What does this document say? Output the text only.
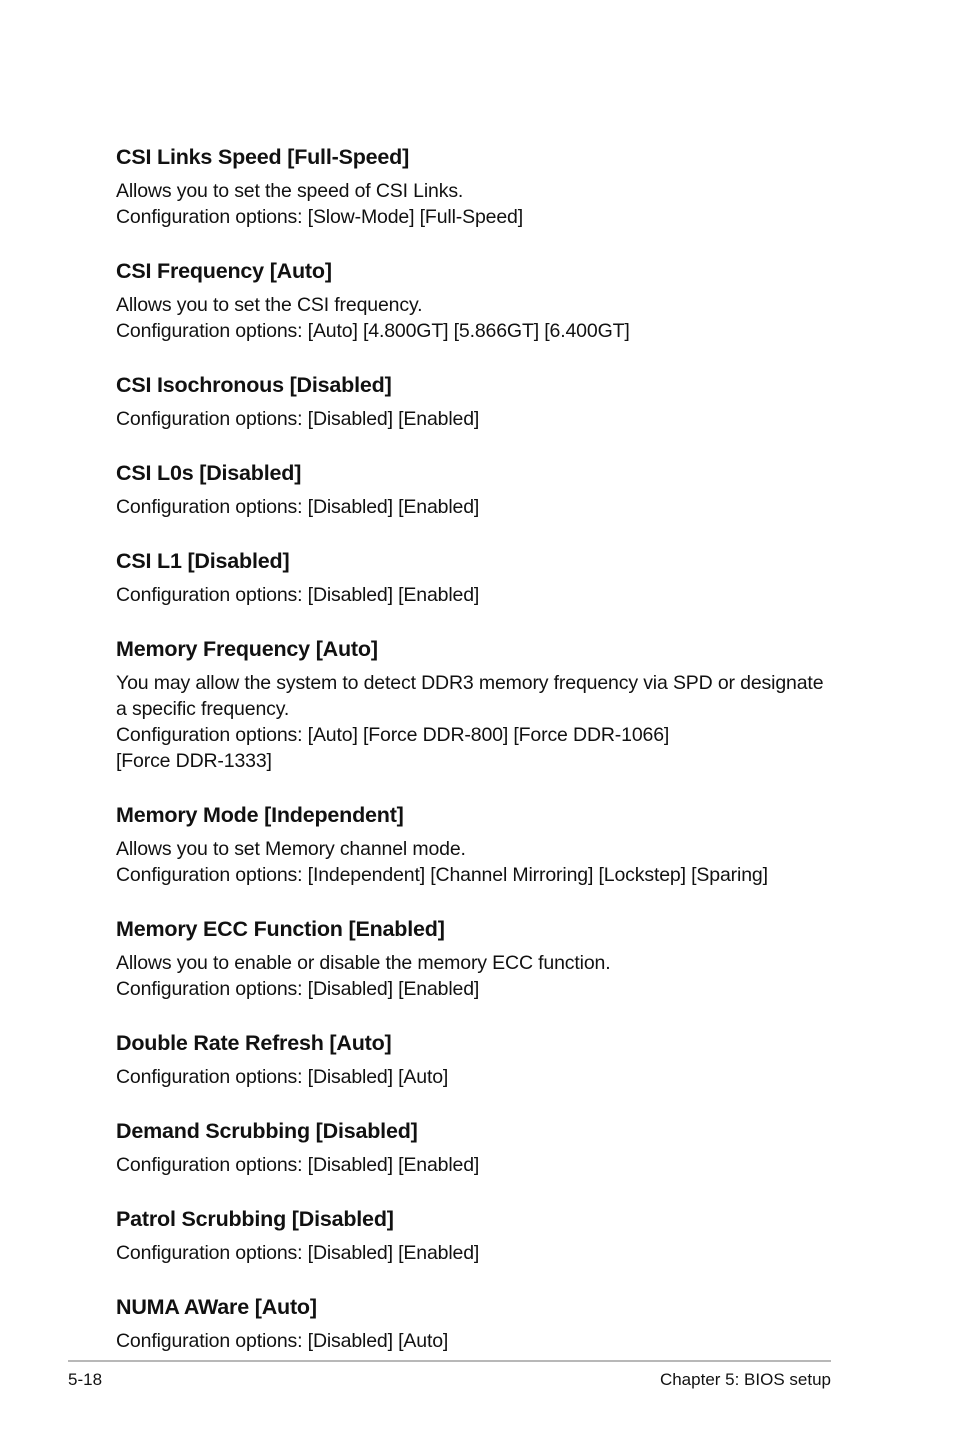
CSI Links Speed [Full-Speed]
Allows you to set the speed of CSI Links.
Configuration options: [Slow-Mode] [Full-Speed]
CSI Frequency [Auto]
Allows you to set the CSI frequency.
Configuration options: [Auto] [4.800GT] [5.866GT] [6.400GT]
CSI Isochronous [Disabled]
Configuration options: [Disabled] [Enabled]
CSI L0s [Disabled]
Configuration options: [Disabled] [Enabled]
CSI L1 [Disabled]
Configuration options: [Disabled] [Enabled]
Memory Frequency [Auto]
You may allow the system to detect DDR3 memory frequency via SPD or designate
a specific frequency.
Configuration options: [Auto] [Force DDR-800] [Force DDR-1066]
[Force DDR-1333]
Memory Mode [Independent]
Allows you to set Memory channel mode.
Configuration options: [Independent] [Channel Mirroring] [Lockstep] [Sparing]
Memory ECC Function [Enabled]
Allows you to enable or disable the memory ECC function.
Configuration options: [Disabled] [Enabled]
Double Rate Refresh [Auto]
Configuration options: [Disabled] [Auto]
Demand Scrubbing [Disabled]
Configuration options: [Disabled] [Enabled]
Patrol Scrubbing [Disabled]
Configuration options: [Disabled] [Enabled]
NUMA AWare [Auto]
Configuration options: [Disabled] [Auto]
5-18	Chapter 5: BIOS setup
